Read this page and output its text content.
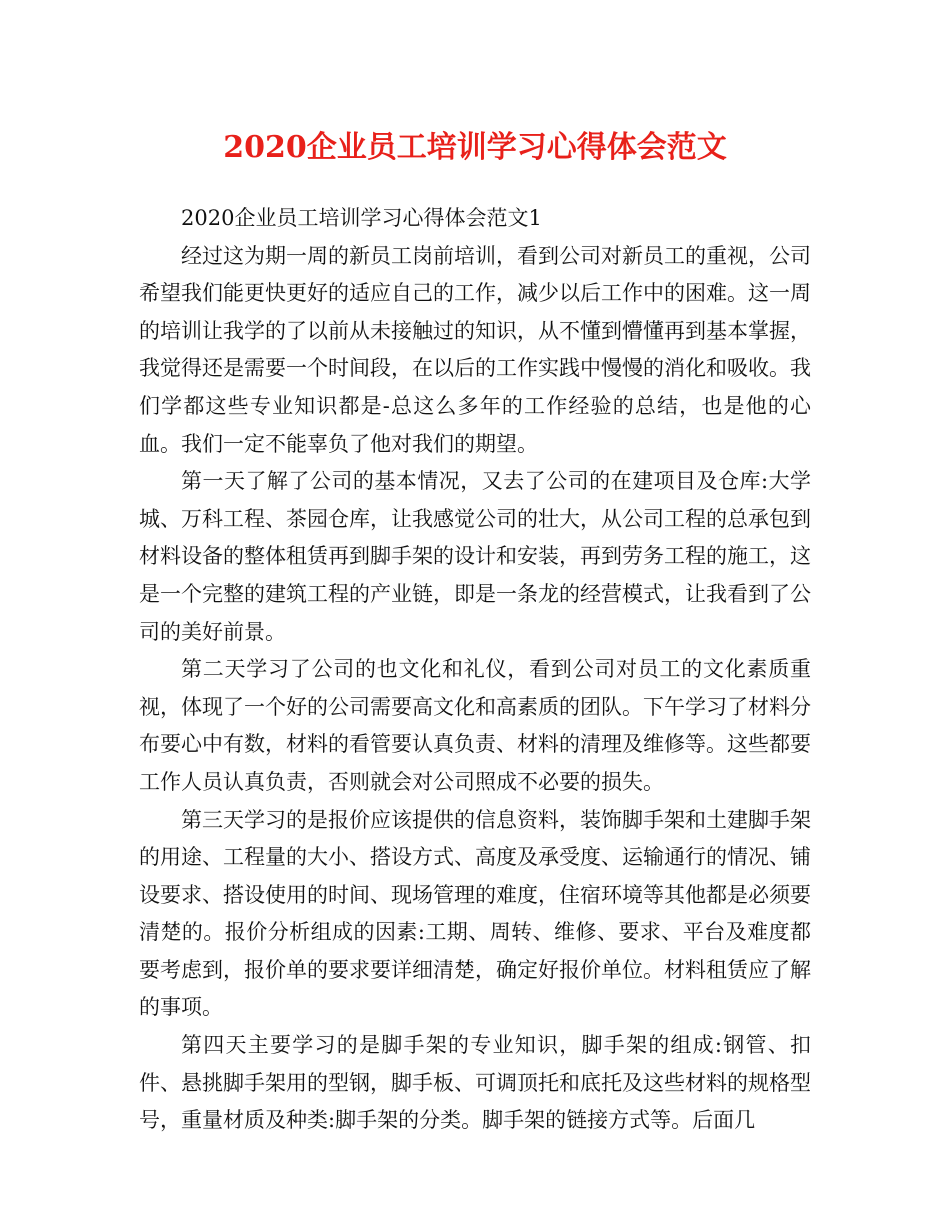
2020企业员工培训学习心得体会范文

2020企业员工培训学习心得体会范文1

经过这为期一周的新员工岗前培训，看到公司对新员工的重视，公司希望我们能更快更好的适应自己的工作，减少以后工作中的困难。这一周的培训让我学的了以前从未接触过的知识，从不懂到懵懂再到基本掌握，我觉得还是需要一个时间段，在以后的工作实践中慢慢的消化和吸收。我们学都这些专业知识都是-总这么多年的工作经验的总结，也是他的心血。我们一定不能辜负了他对我们的期望。

第一天了解了公司的基本情况，又去了公司的在建项目及仓库:大学城、万科工程、茶园仓库，让我感觉公司的壮大，从公司工程的总承包到材料设备的整体租赁再到脚手架的设计和安装，再到劳务工程的施工，这是一个完整的建筑工程的产业链，即是一条龙的经营模式，让我看到了公司的美好前景。

第二天学习了公司的也文化和礼仪，看到公司对员工的文化素质重视，体现了一个好的公司需要高文化和高素质的团队。下午学习了材料分布要心中有数，材料的看管要认真负责、材料的清理及维修等。这些都要工作人员认真负责，否则就会对公司照成不必要的损失。

第三天学习的是报价应该提供的信息资料，装饰脚手架和土建脚手架的用途、工程量的大小、搭设方式、高度及承受度、运输通行的情况、铺设要求、搭设使用的时间、现场管理的难度，住宿环境等其他都是必须要清楚的。报价分析组成的因素:工期、周转、维修、要求、平台及难度都要考虑到，报价单的要求要详细清楚，确定好报价单位。材料租赁应了解的事项。

第四天主要学习的是脚手架的专业知识，脚手架的组成:钢管、扣件、悬挑脚手架用的型钢，脚手板、可调顶托和底托及这些材料的规格型号，重量材质及种类:脚手架的分类。脚手架的链接方式等。后面几
